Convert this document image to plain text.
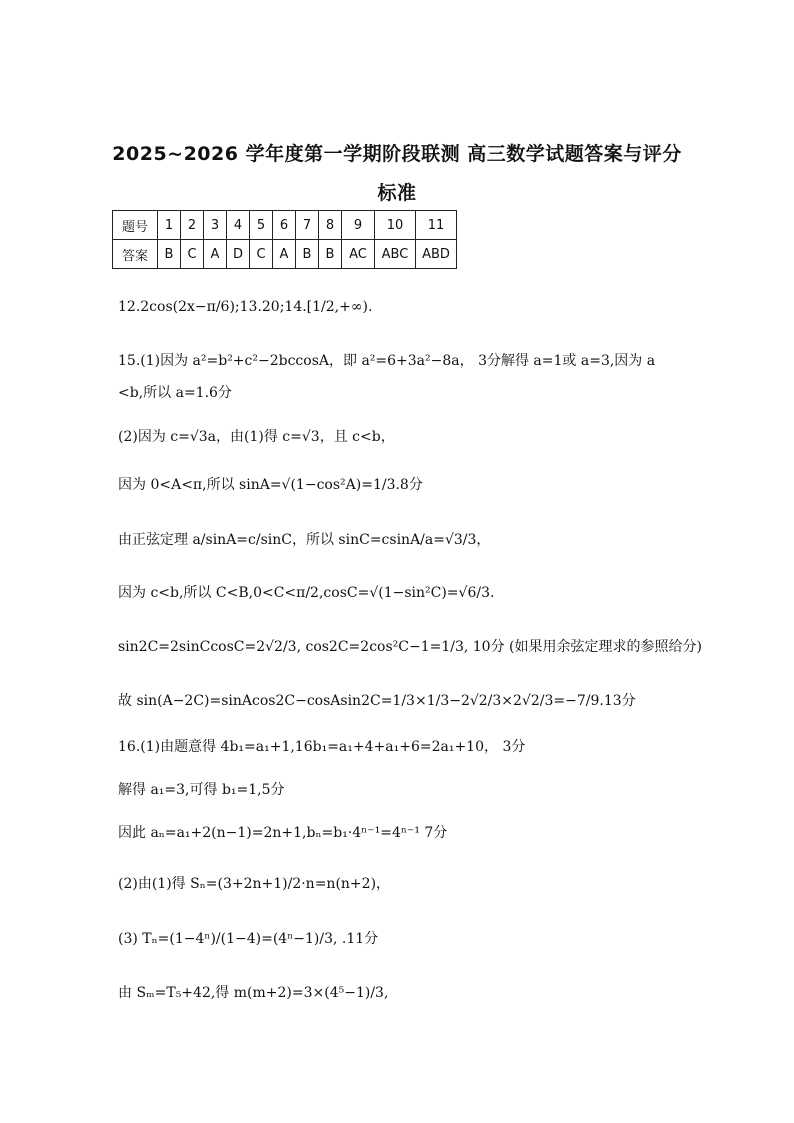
2025~2026 学年度第一学期阶段联测 高三数学试题答案与评分
标准
题号	1	2	3	4	5	6	7	8	9	10	11
答案	B	C	A	D	C	A	B	B	AC	ABC	ABD
12.2cos(2x−π/6);13.20;14.[1/2,+∞).
15.(1)因为 a²=b²+c²−2bccosA，即 a²=6+3a²−8a， 3分解得 a=1或 a=3,因为 a
<b,所以 a=1.6分
(2)因为 c=√3a，由(1)得 c=√3，且 c<b，
因为 0<A<π,所以 sinA=√(1−cos²A)=1/3.8分
由正弦定理 a/sinA=c/sinC，所以 sinC=csinA/a=√3/3，
因为 c<b,所以 C<B,0<C<π/2,cosC=√(1−sin²C)=√6/3.
sin2C=2sinCcosC=2√2/3, cos2C=2cos²C−1=1/3, 10分 (如果用余弦定理求的参照给分)
故 sin(A−2C)=sinAcos2C−cosAsin2C=1/3×1/3−2√2/3×2√2/3=−7/9.13分
16.(1)由题意得 4b₁=a₁+1,16b₁=a₁+4+a₁+6=2a₁+10， 3分
解得 a₁=3,可得 b₁=1,5分
因此 aₙ=a₁+2(n−1)=2n+1,bₙ=b₁·4ⁿ⁻¹=4ⁿ⁻¹ 7分
(2)由(1)得 Sₙ=(3+2n+1)/2·n=n(n+2)，
(3) Tₙ=(1−4ⁿ)/(1−4)=(4ⁿ−1)/3, .11分
由 Sₘ=T₅+42,得 m(m+2)=3×(4⁵−1)/3,
